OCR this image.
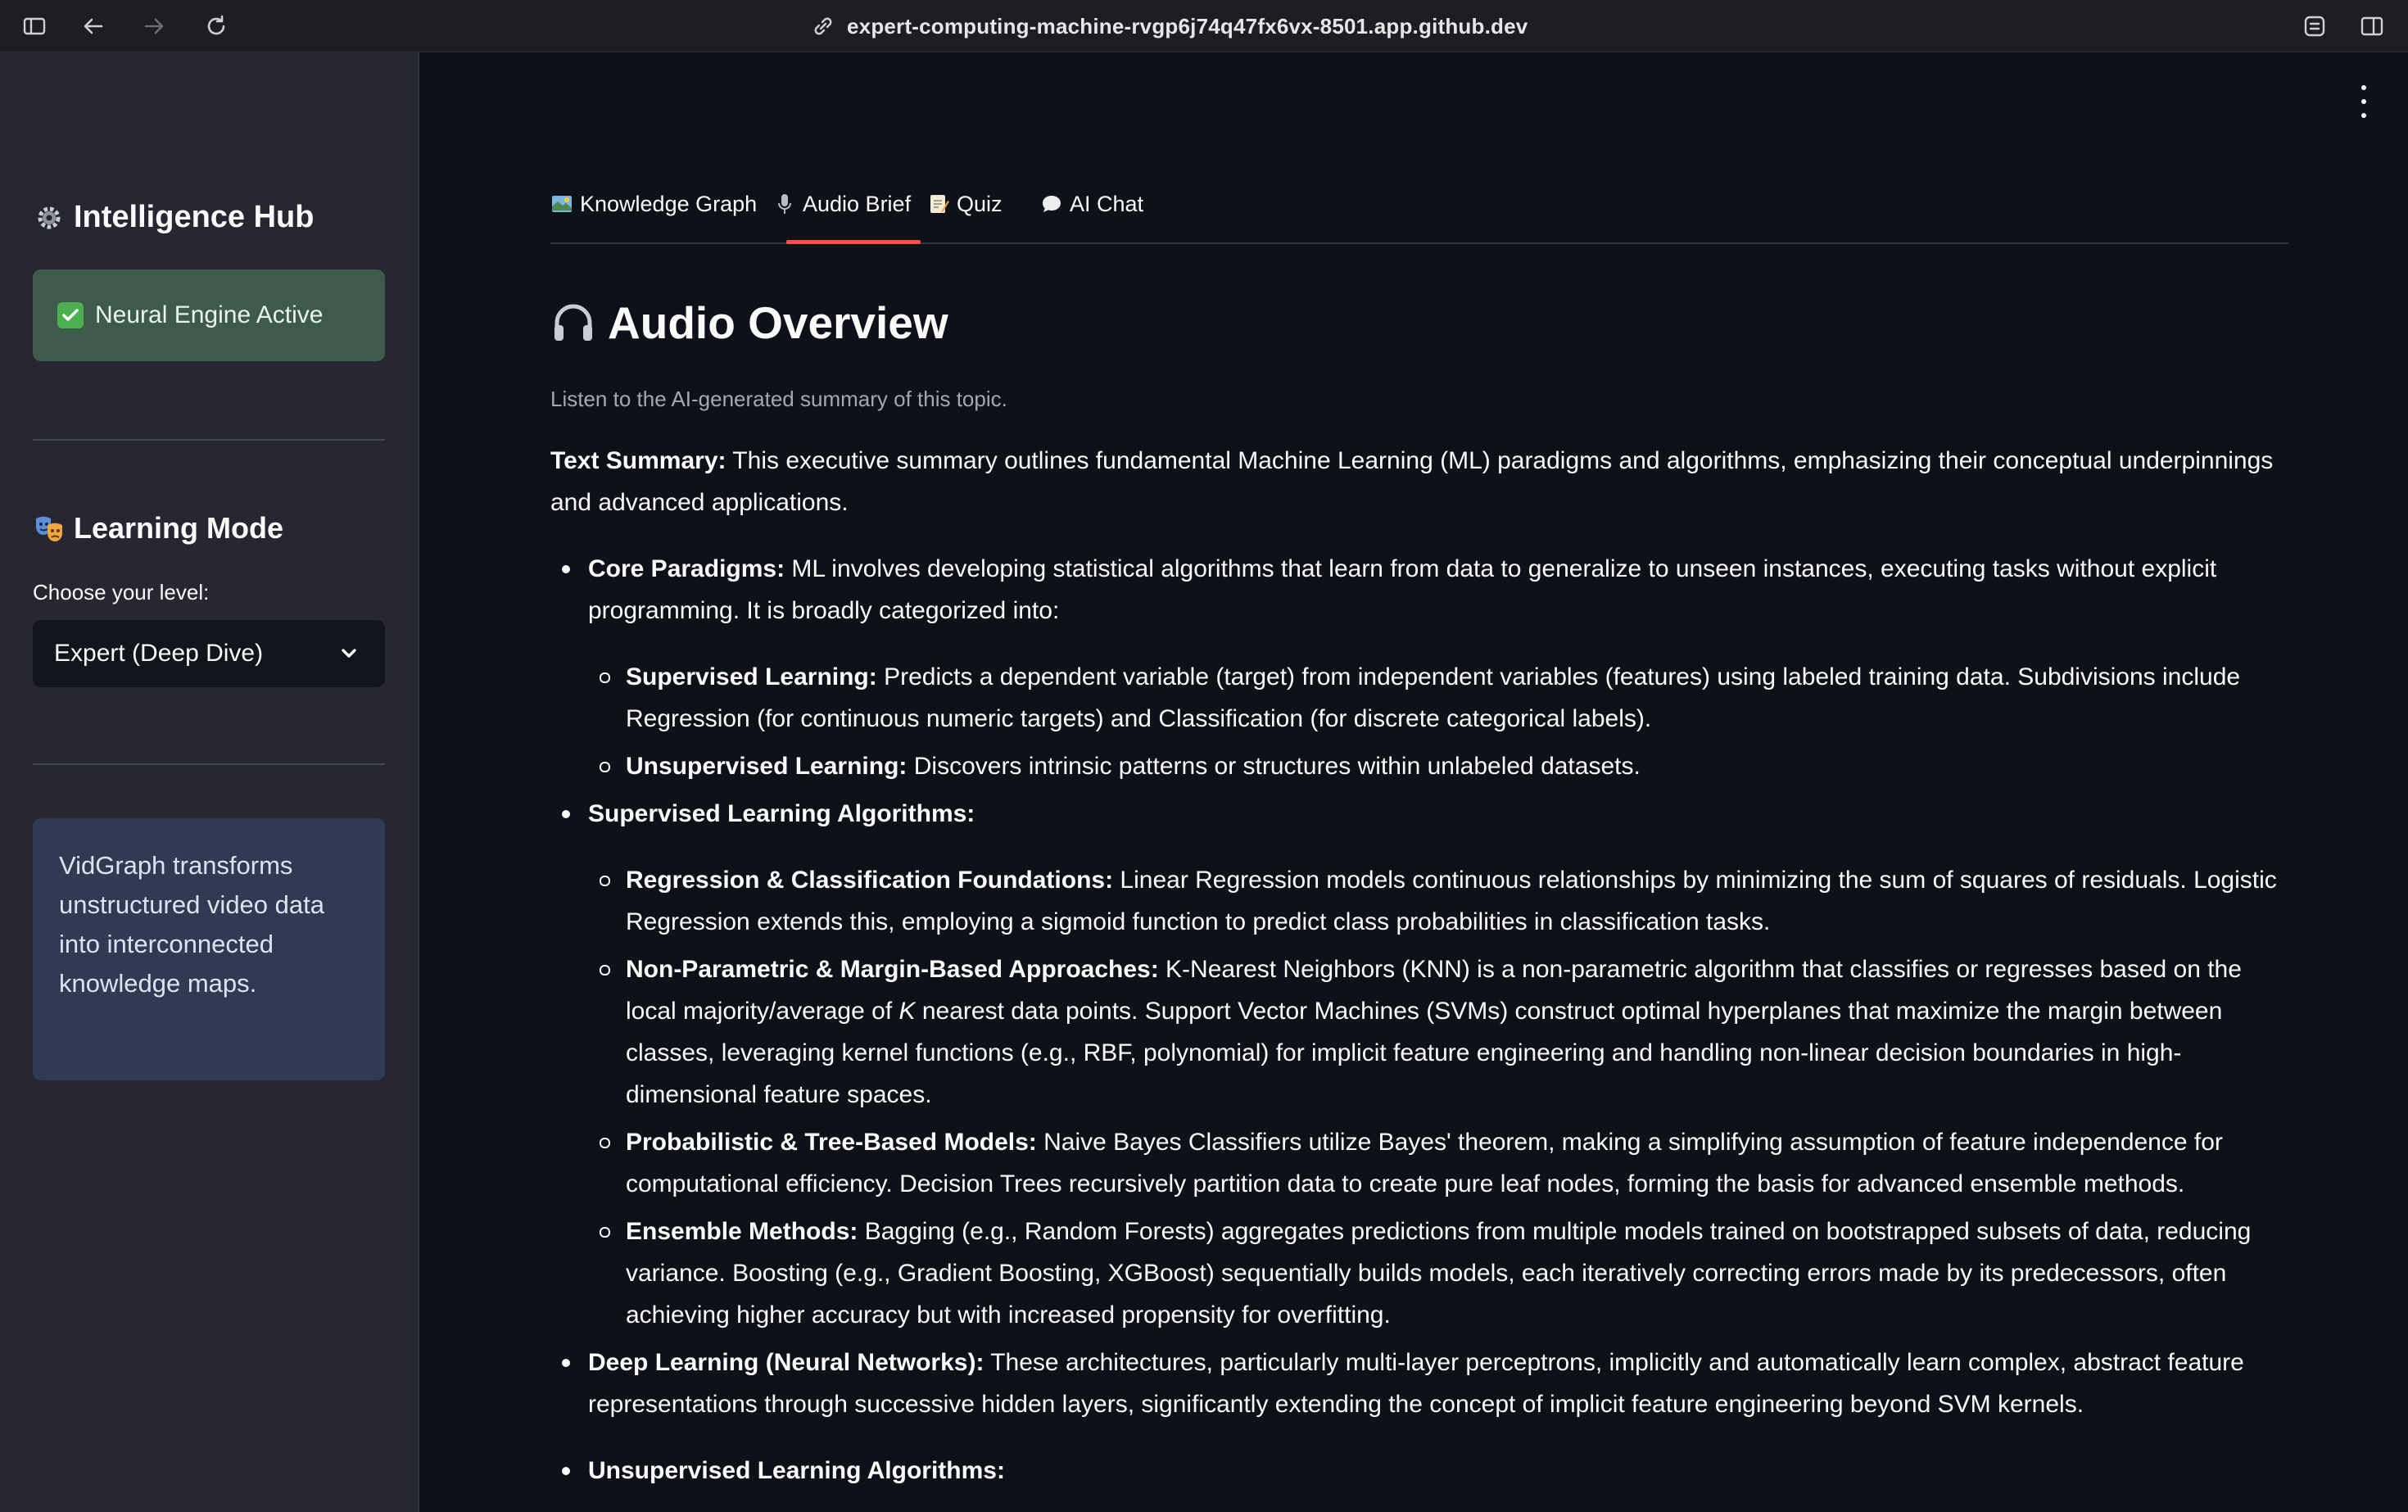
expert-computing-machine-rvgp6j74q47fx6vx-8501.app.github.dev
Intelligence Hub
Neural Engine Active
Learning Mode
Choose your level:
Expert (Deep Dive)
VidGraph transforms unstructured video data into interconnected knowledge maps.
Knowledge Graph Audio Brief Quiz	AI Chat
Audio Overview

Listen to the AI-generated summary of this topic.

Text Summary: This executive summary outlines fundamental Machine Learning (ML) paradigms and algorithms, emphasizing their conceptual underpinnings and advanced applications.

Core Paradigms: ML involves developing statistical algorithms that learn from data to generalize to unseen instances, executing tasks without explicit programming. It is broadly categorized into:
Supervised Learning: Predicts a dependent variable (target) from independent variables (features) using labeled training data. Subdivisions include Regression (for continuous numeric targets) and Classification (for discrete categorical labels).
Unsupervised Learning: Discovers intrinsic patterns or structures within unlabeled datasets.
Supervised Learning Algorithms:
Regression & Classification Foundations: Linear Regression models continuous relationships by minimizing the sum of squares of residuals. Logistic Regression extends this, employing a sigmoid function to predict class probabilities in classification tasks.
Non-Parametric & Margin-Based Approaches: K-Nearest Neighbors (KNN) is a non-parametric algorithm that classifies or regresses based on the local majority/average of K nearest data points. Support Vector Machines (SVMs) construct optimal hyperplanes that maximize the margin between classes, leveraging kernel functions (e.g., RBF, polynomial) for implicit feature engineering and handling non-linear decision boundaries in high-dimensional feature spaces.
Probabilistic & Tree-Based Models: Naive Bayes Classifiers utilize Bayes' theorem, making a simplifying assumption of feature independence for computational efficiency. Decision Trees recursively partition data to create pure leaf nodes, forming the basis for advanced ensemble methods.
Ensemble Methods: Bagging (e.g., Random Forests) aggregates predictions from multiple models trained on bootstrapped subsets of data, reducing variance. Boosting (e.g., Gradient Boosting, XGBoost) sequentially builds models, each iteratively correcting errors made by its predecessors, often achieving higher accuracy but with increased propensity for overfitting.
Deep Learning (Neural Networks): These architectures, particularly multi-layer perceptrons, implicitly and automatically learn complex, abstract feature representations through successive hidden layers, significantly extending the concept of implicit feature engineering beyond SVM kernels.
Unsupervised Learning Algorithms:
